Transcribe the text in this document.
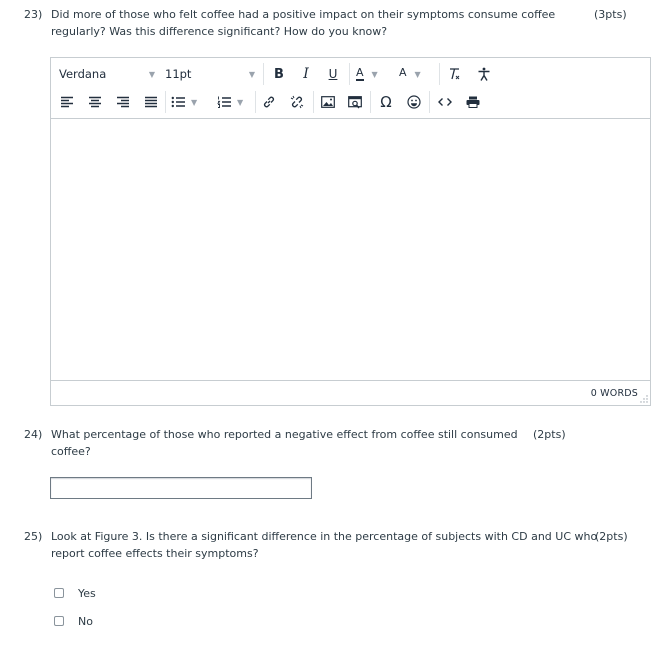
23) Did more of those who felt coffee had a positive impact on their symptoms consume coffee
regularly? Was this difference significant? How do you know?
(3pts)
Verdana	▼ 11pt	▼	B	I	U	A ▼ A ▼
▼	▼	Ω
0 WORDS
24) What percentage of those who reported a negative effect from coffee still consumed
coffee?
(2pts)
25) Look at Figure 3. Is there a significant difference in the percentage of subjects with CD and UC who
report coffee effects their symptoms?
(2pts)
Yes
No
